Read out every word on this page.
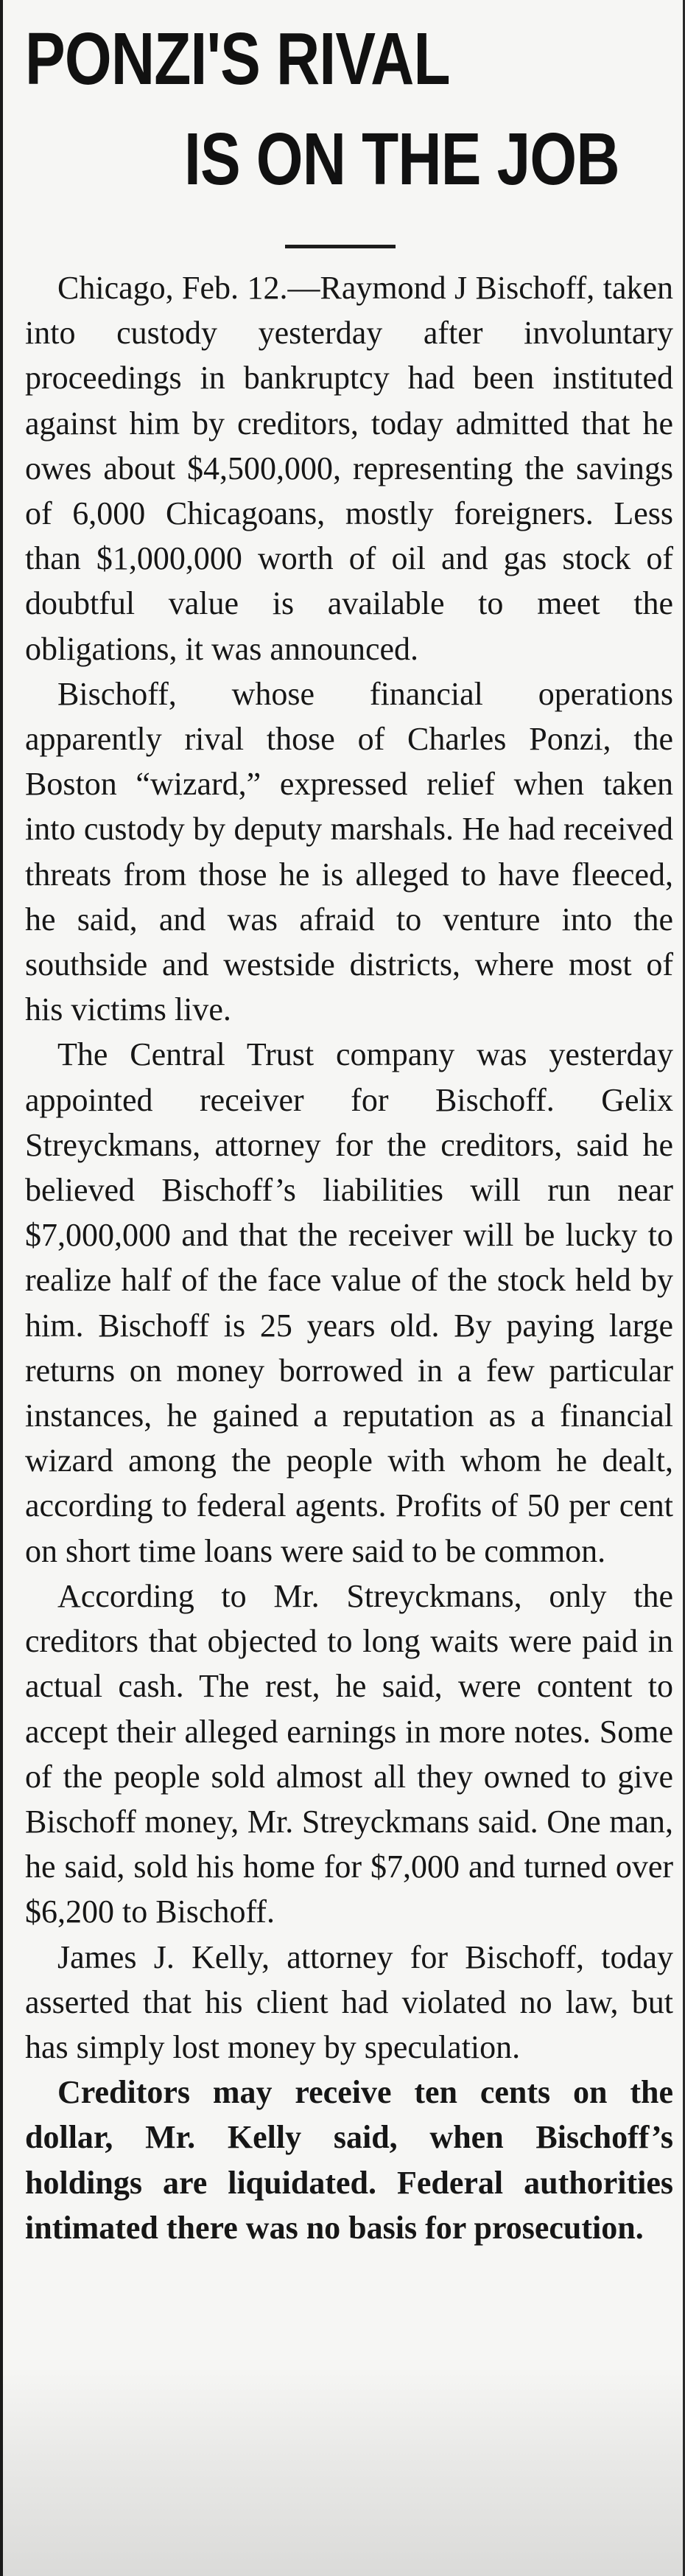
PONZI'S RIVAL
IS ON THE JOB

Chicago, Feb. 12.—Raymond J Bischoff, taken into custody yesterday after involuntary proceedings in bankruptcy had been instituted against him by creditors, today admitted that he owes about $4,500,000, representing the savings of 6,000 Chicagoans, mostly foreigners. Less than $1,000,000 worth of oil and gas stock of doubtful value is available to meet the obligations, it was announced.

Bischoff, whose financial operations apparently rival those of Charles Ponzi, the Boston “wizard,” expressed relief when taken into custody by deputy marshals. He had received threats from those he is alleged to have fleeced, he said, and was afraid to venture into the southside and westside districts, where most of his victims live.

The Central Trust company was yesterday appointed receiver for Bischoff. Gelix Streyckmans, attorney for the creditors, said he believed Bischoff’s liabilities will run near $7,000,000 and that the receiver will be lucky to realize half of the face value of the stock held by him. Bischoff is 25 years old. By paying large returns on money borrowed in a few particular instances, he gained a reputation as a financial wizard among the people with whom he dealt, according to federal agents. Profits of 50 per cent on short time loans were said to be common.

According to Mr. Streyckmans, only the creditors that objected to long waits were paid in actual cash. The rest, he said, were content to accept their alleged earnings in more notes. Some of the people sold almost all they owned to give Bischoff money, Mr. Streyckmans said. One man, he said, sold his home for $7,000 and turned over $6,200 to Bischoff.

James J. Kelly, attorney for Bischoff, today asserted that his client had violated no law, but has simply lost money by speculation.

Creditors may receive ten cents on the dollar, Mr. Kelly said, when Bischoff’s holdings are liquidated. Federal authorities intimated there was no basis for prosecution.
